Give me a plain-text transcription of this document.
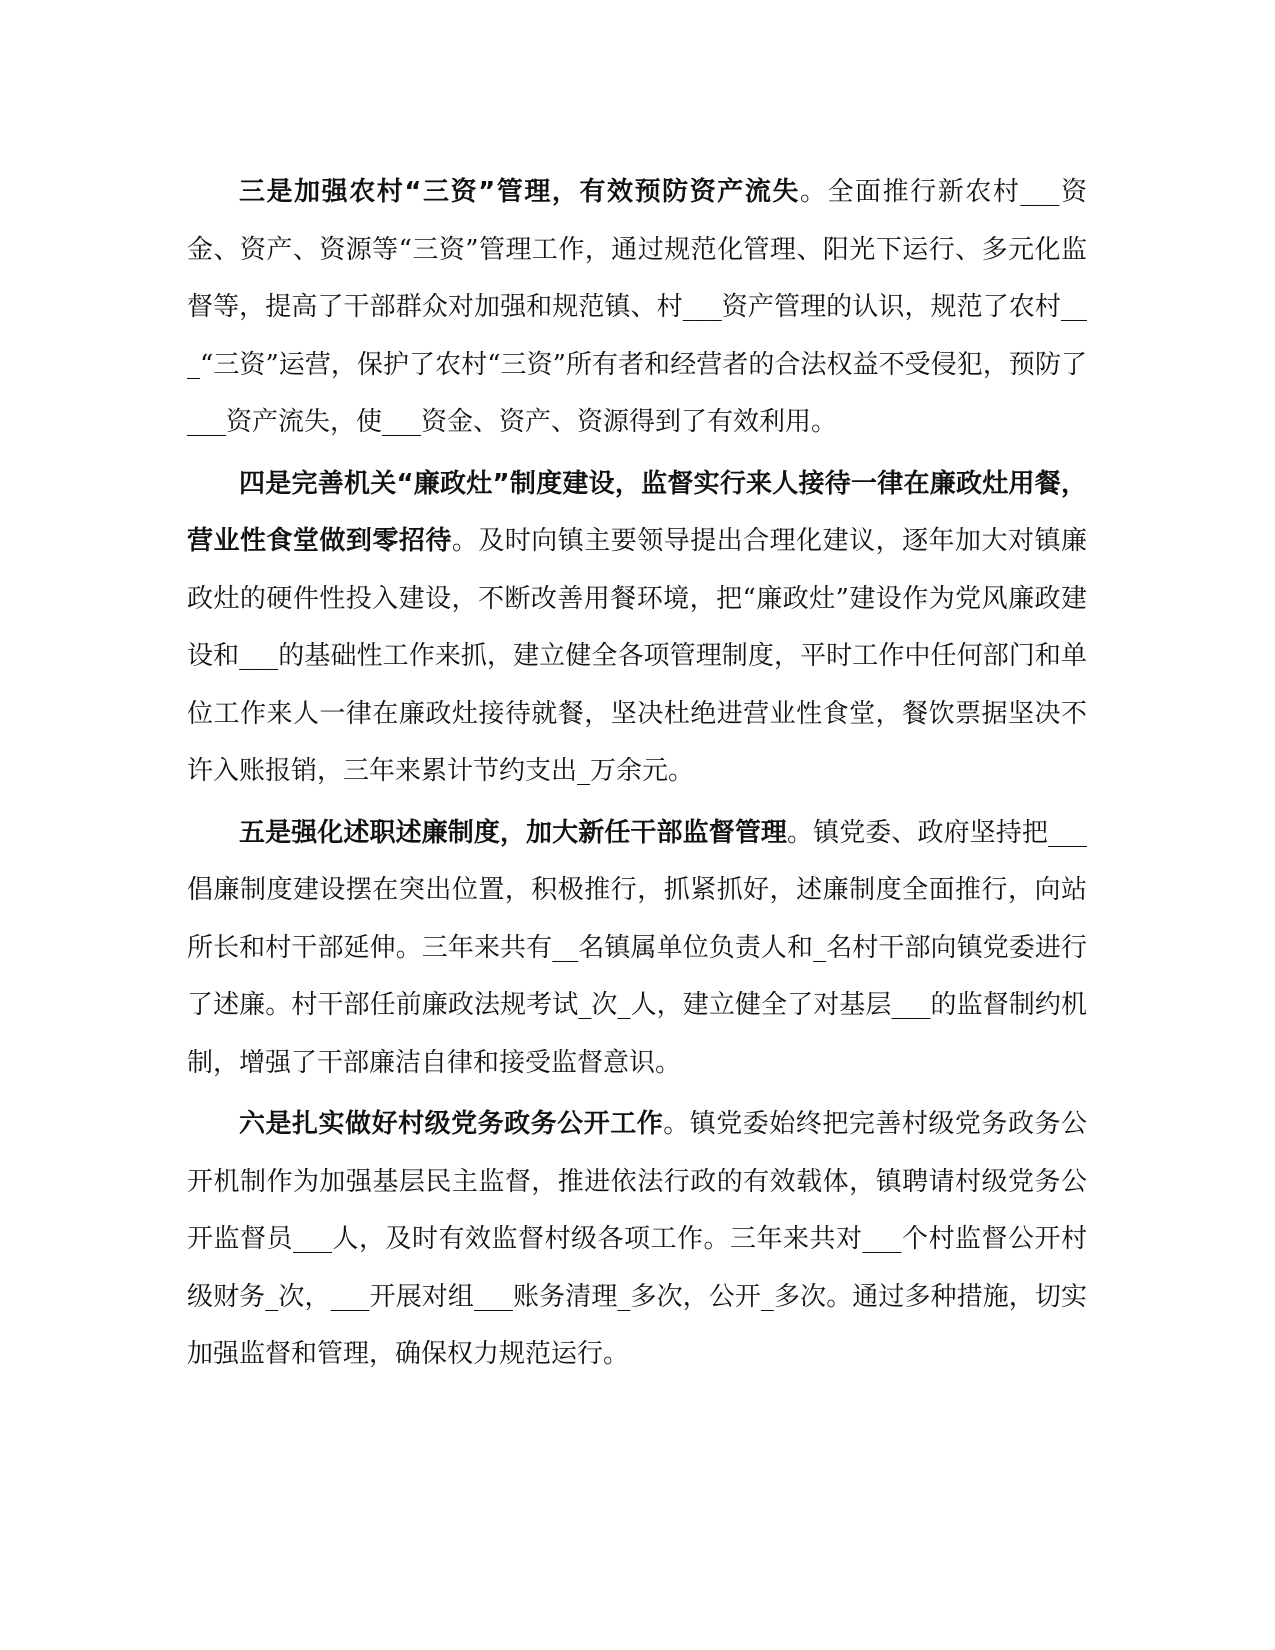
三是加强农村“三资”管理，有效预防资产流失。全面推行新农村___资金、资产、资源等“三资”管理工作，通过规范化管理、阳光下运行、多元化监督等，提高了干部群众对加强和规范镇、村___资产管理的认识，规范了农村___“三资”运营，保护了农村“三资”所有者和经营者的合法权益不受侵犯，预防了___资产流失，使___资金、资产、资源得到了有效利用。

四是完善机关“廉政灶”制度建设，监督实行来人接待一律在廉政灶用餐，营业性食堂做到零招待。及时向镇主要领导提出合理化建议，逐年加大对镇廉政灶的硬件性投入建设，不断改善用餐环境，把“廉政灶”建设作为党风廉政建设和___的基础性工作来抓，建立健全各项管理制度，平时工作中任何部门和单位工作来人一律在廉政灶接待就餐，坚决杜绝进营业性食堂，餐饮票据坚决不许入账报销，三年来累计节约支出_万余元。

五是强化述职述廉制度，加大新任干部监督管理。镇党委、政府坚持把___倡廉制度建设摆在突出位置，积极推行，抓紧抓好，述廉制度全面推行，向站所长和村干部延伸。三年来共有__名镇属单位负责人和_名村干部向镇党委进行了述廉。村干部任前廉政法规考试_次_人，建立健全了对基层___的监督制约机制，增强了干部廉洁自律和接受监督意识。

六是扎实做好村级党务政务公开工作。镇党委始终把完善村级党务政务公开机制作为加强基层民主监督，推进依法行政的有效载体，镇聘请村级党务公开监督员___人，及时有效监督村级各项工作。三年来共对___个村监督公开村级财务_次，___开展对组___账务清理_多次，公开_多次。通过多种措施，切实加强监督和管理，确保权力规范运行。
